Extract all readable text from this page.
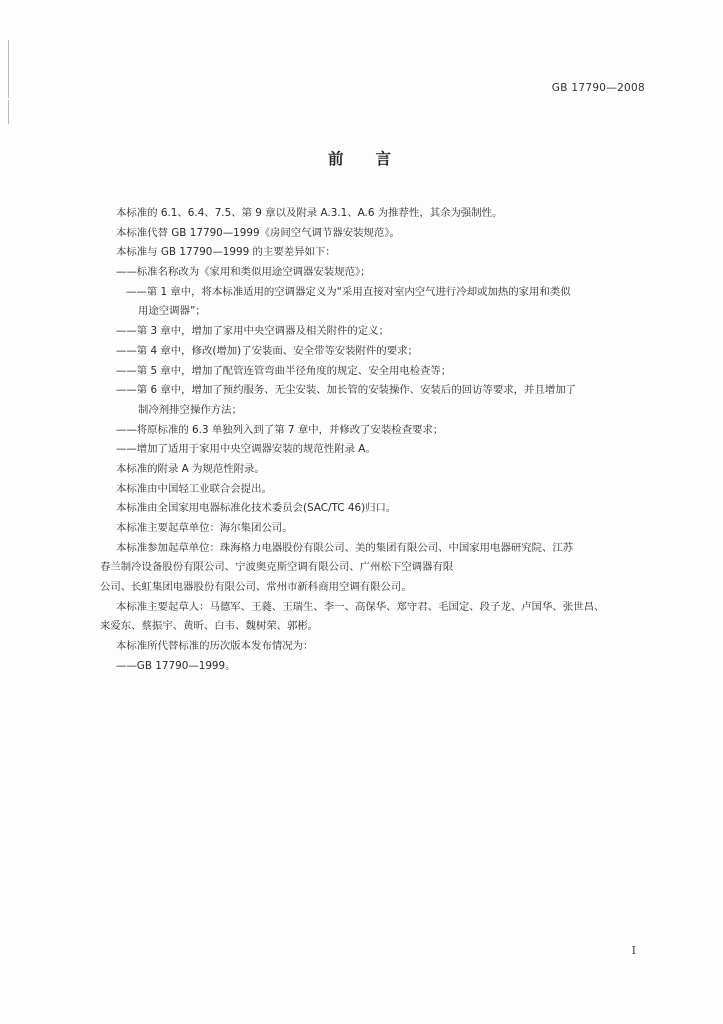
GB 17790—2008
前言
本标准的 6.1、6.4、7.5、第 9 章以及附录 A.3.1、A.6 为推荐性，其余为强制性。
本标准代替 GB 17790—1999《房间空气调节器安装规范》。
本标准与 GB 17790—1999 的主要差异如下：
——标准名称改为《家用和类似用途空调器安装规范》；
——第 1 章中，将本标准适用的空调器定义为“采用直接对室内空气进行冷却或加热的家用和类似
用途空调器”；
——第 3 章中，增加了家用中央空调器及相关附件的定义；
——第 4 章中，修改(增加)了安装面、安全带等安装附件的要求；
——第 5 章中，增加了配管连管弯曲半径角度的规定、安全用电检查等；
——第 6 章中，增加了预约服务、无尘安装、加长管的安装操作、安装后的回访等要求，并且增加了
制冷剂排空操作方法；
——将原标准的 6.3 单独列入到了第 7 章中，并修改了安装检查要求；
——增加了适用于家用中央空调器安装的规范性附录 A。
本标准的附录 A 为规范性附录。
本标准由中国轻工业联合会提出。
本标准由全国家用电器标准化技术委员会(SAC/TC 46)归口。
本标准主要起草单位：海尔集团公司。
本标准参加起草单位：珠海格力电器股份有限公司、美的集团有限公司、中国家用电器研究院、江苏
春兰制冷设备股份有限公司、宁波奥克斯空调有限公司、广州松下空调器有限
公司、长虹集团电器股份有限公司、常州市新科商用空调有限公司。
本标准主要起草人：马德军、王蕤、王瑞生、李一、高保华、郑守君、毛国定、段子龙、卢国华、张世昌、
来爱东、蔡振宇、黄昕、白韦、魏树荣、郭彬。
本标准所代替标准的历次版本发布情况为：
——GB 17790—1999。
I
